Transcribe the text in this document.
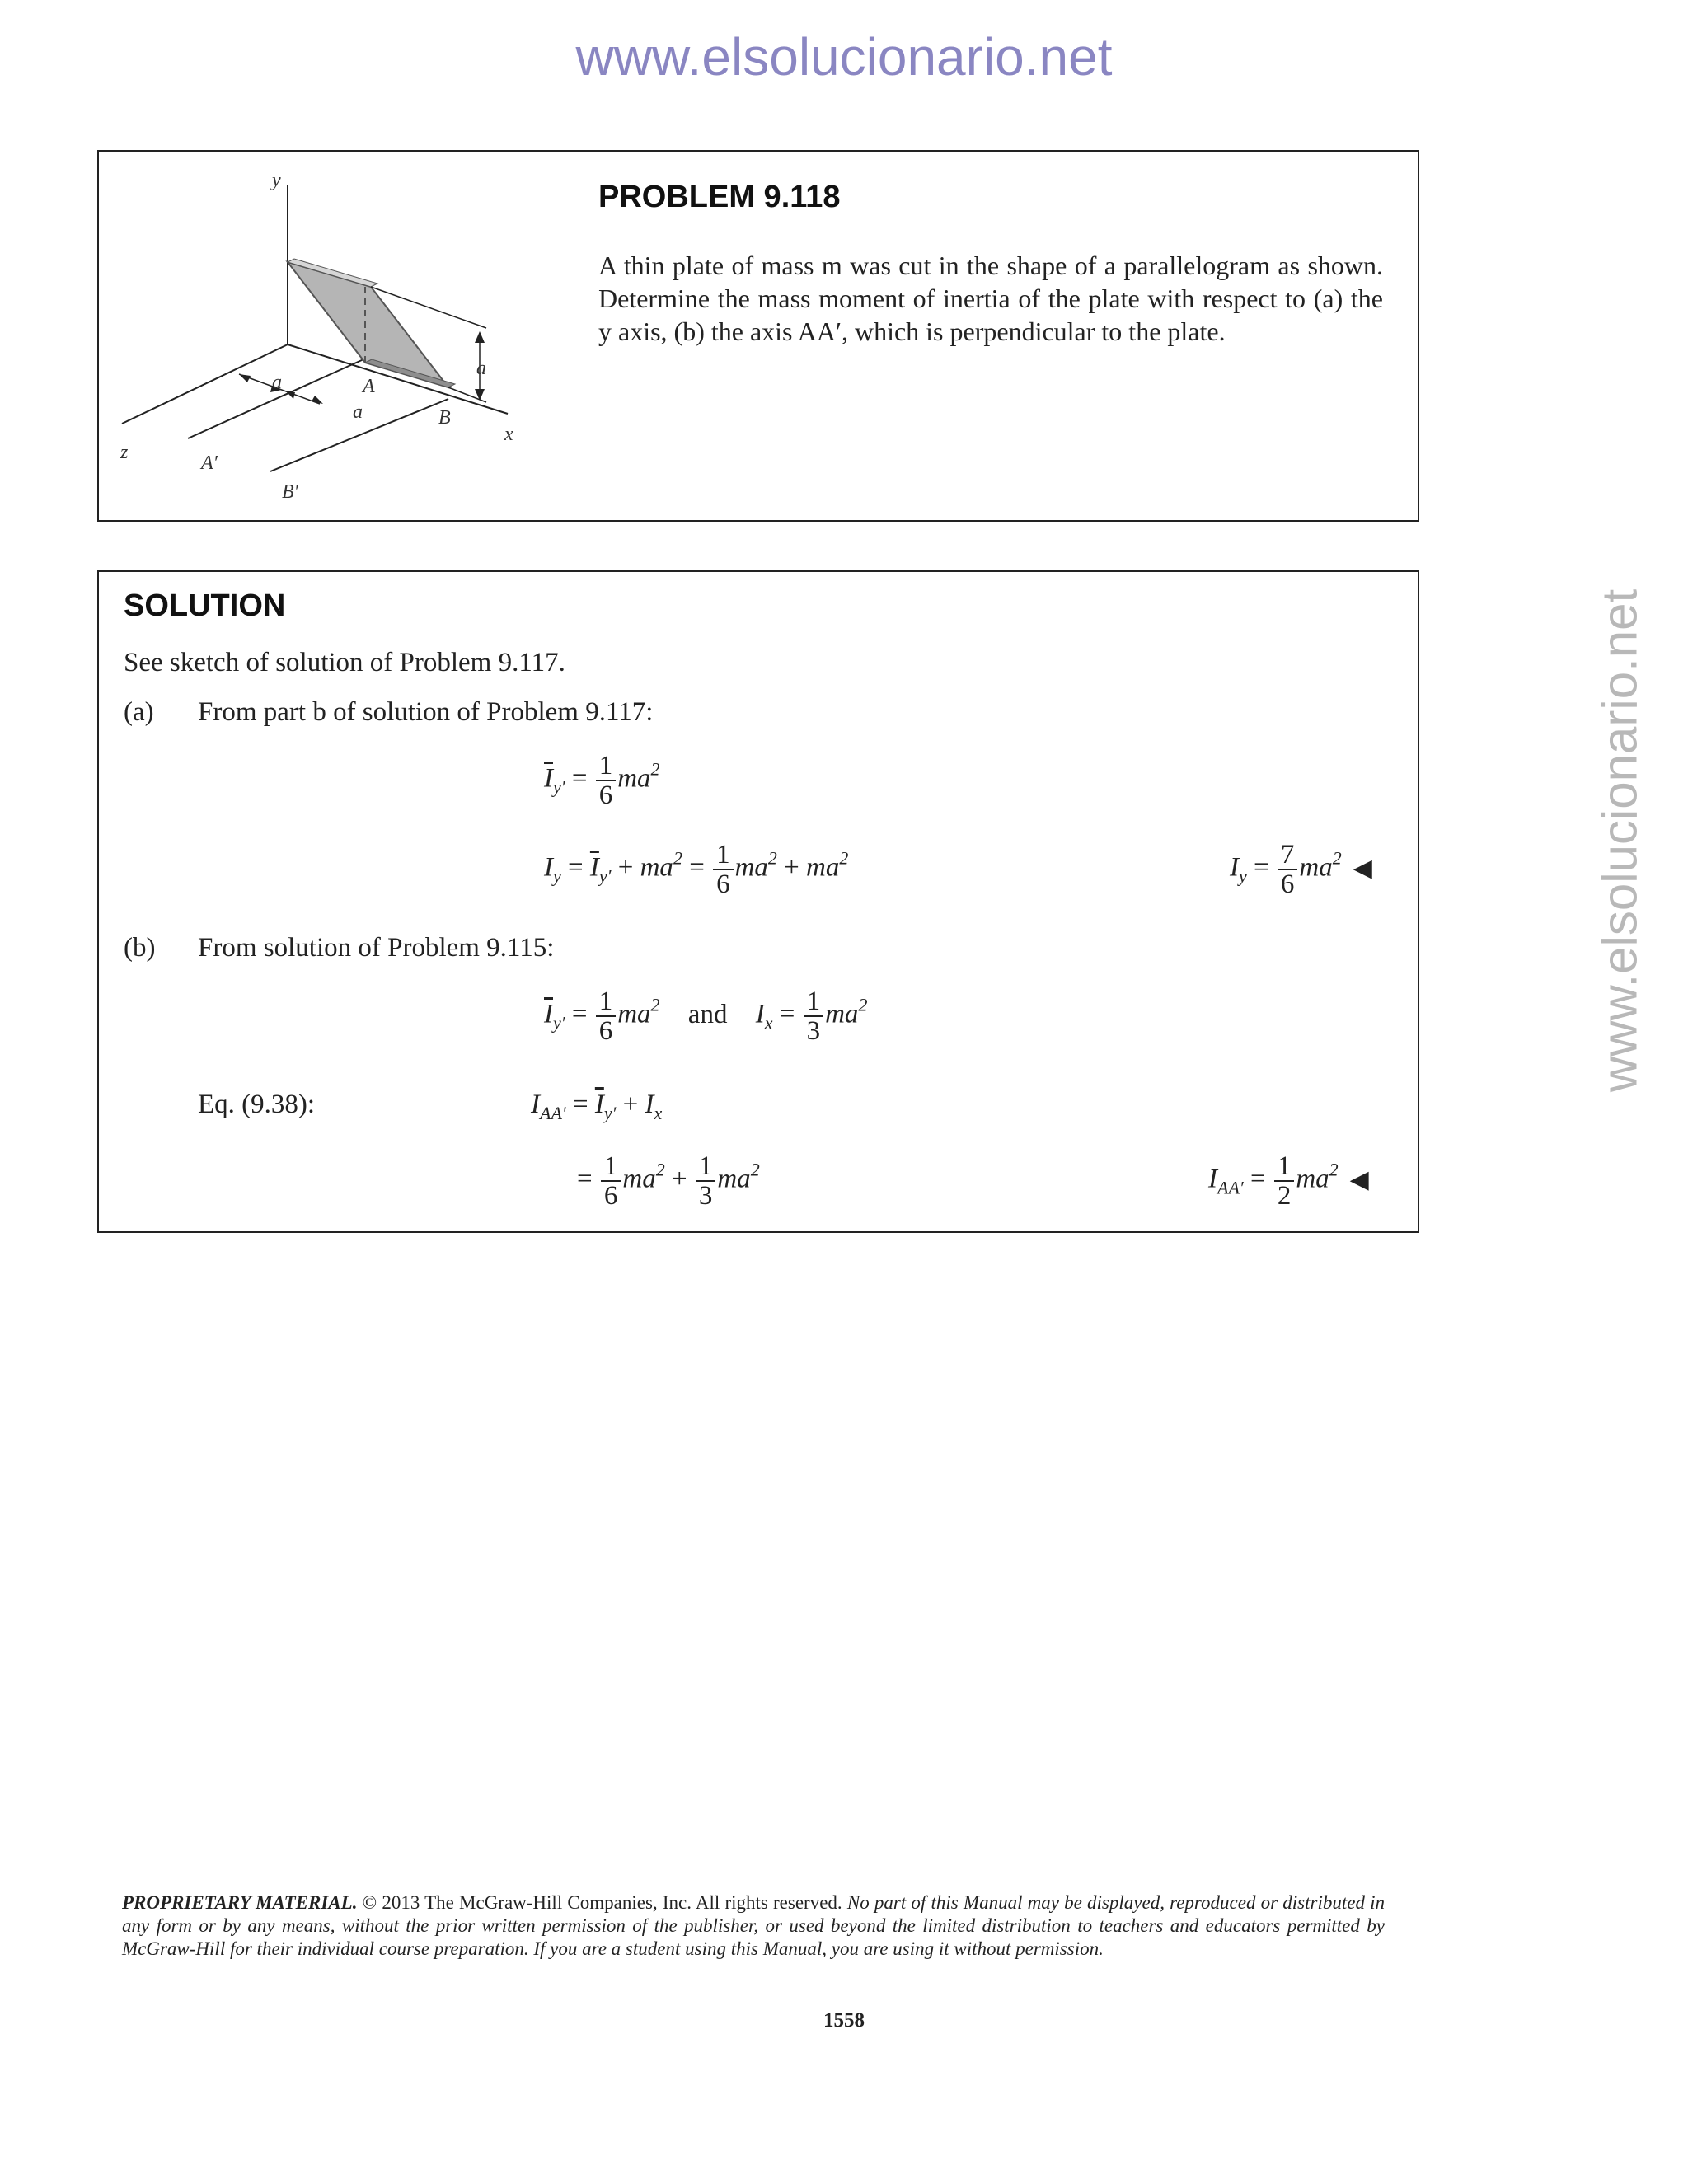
www.elsolucionario.net
www.elsolucionario.net
y
z
x
A
B
A′
B′
a
a
a
PROBLEM 9.118
A thin plate of mass m was cut in the shape of a parallelogram as shown. Determine the mass moment of inertia of the plate with respect to (a) the y axis, (b) the axis AA′, which is perpendicular to the plate.
SOLUTION
See sketch of solution of Problem 9.117.
(a) From part b of solution of Problem 9.117:
$\overline{I}_{y'} = \frac{1}{6} ma^2$
$I_y = \overline{I}_{y'} + ma^2 = \frac{1}{6} ma^2 + ma^2$	$I_y = \frac{7}{6} ma^2$ ◀
(b) From solution of Problem 9.115:
$\overline{I}_{y'} = \frac{1}{6} ma^2$ and $I_x = \frac{1}{3} ma^2$
Eq. (9.38):	$I_{AA'} = \overline{I}_{y'} + I_x$
= $\frac{1}{6} ma^2 + \frac{1}{3} ma^2$	$I_{AA'} = \frac{1}{2} ma^2$ ◀
PROPRIETARY MATERIAL. © 2013 The McGraw-Hill Companies, Inc. All rights reserved. No part of this Manual may be displayed, reproduced or distributed in any form or by any means, without the prior written permission of the publisher, or used beyond the limited distribution to teachers and educators permitted by McGraw-Hill for their individual course preparation. If you are a student using this Manual, you are using it without permission.
1558
